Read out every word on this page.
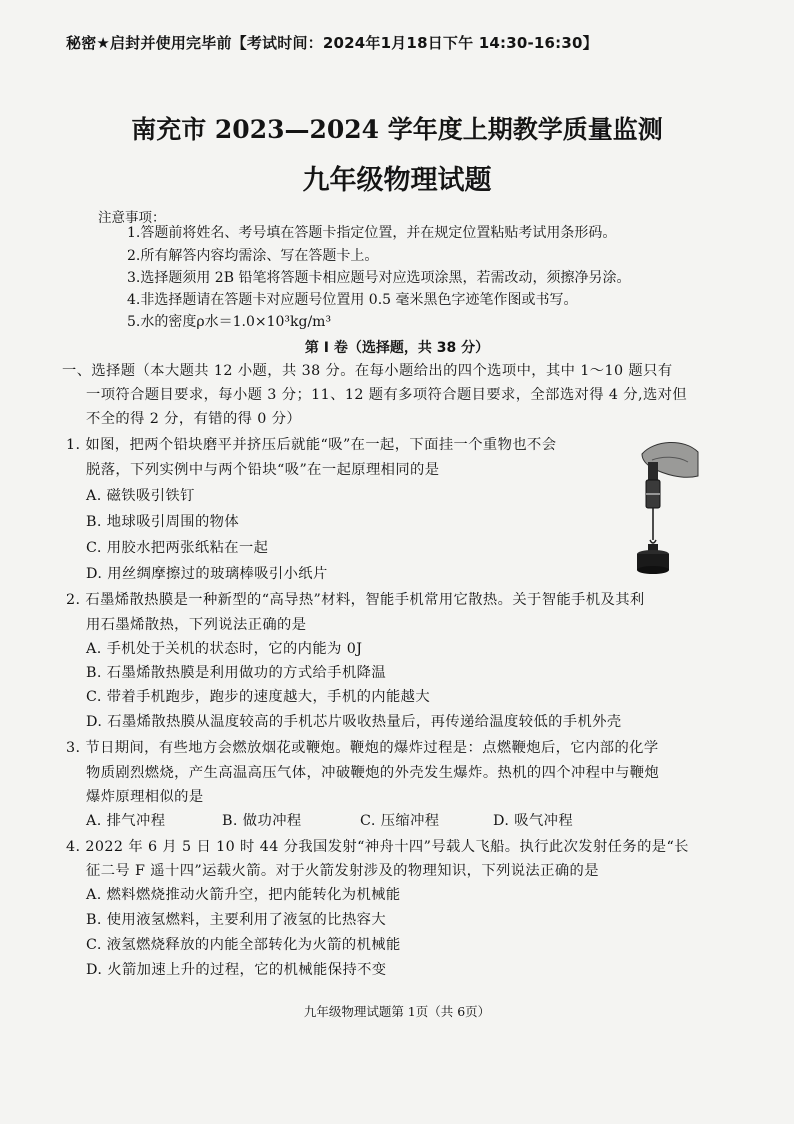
秘密★启封并使用完毕前【考试时间：2024年1月18日下午 14:30-16:30】
南充市 2023—2024 学年度上期教学质量监测
九年级物理试题
注意事项：
1.答题前将姓名、考号填在答题卡指定位置，并在规定位置粘贴考试用条形码。
2.所有解答内容均需涂、写在答题卡上。
3.选择题须用 2B 铅笔将答题卡相应题号对应选项涂黑，若需改动，须擦净另涂。
4.非选择题请在答题卡对应题号位置用 0.5 毫米黑色字迹笔作图或书写。
5.水的密度ρ水＝1.0×10³kg/m³
第 I 卷（选择题，共 38 分）
一、选择题（本大题共 12 小题，共 38 分。在每小题给出的四个选项中，其中 1～10 题只有
一项符合题目要求，每小题 3 分；11、12 题有多项符合题目要求，全部选对得 4 分,选对但
不全的得 2 分，有错的得 0 分）
1. 如图，把两个铅块磨平并挤压后就能“吸”在一起，下面挂一个重物也不会
脱落，下列实例中与两个铅块“吸”在一起原理相同的是
A. 磁铁吸引铁钉
B. 地球吸引周围的物体
C. 用胶水把两张纸粘在一起
D. 用丝绸摩擦过的玻璃棒吸引小纸片
2. 石墨烯散热膜是一种新型的“高导热”材料，智能手机常用它散热。关于智能手机及其利
用石墨烯散热，下列说法正确的是
A. 手机处于关机的状态时，它的内能为 0J
B. 石墨烯散热膜是利用做功的方式给手机降温
C. 带着手机跑步，跑步的速度越大，手机的内能越大
D. 石墨烯散热膜从温度较高的手机芯片吸收热量后，再传递给温度较低的手机外壳
3. 节日期间，有些地方会燃放烟花或鞭炮。鞭炮的爆炸过程是：点燃鞭炮后，它内部的化学
物质剧烈燃烧，产生高温高压气体，冲破鞭炮的外壳发生爆炸。热机的四个冲程中与鞭炮
爆炸原理相似的是
A. 排气冲程	B. 做功冲程	C. 压缩冲程	D. 吸气冲程
4. 2022 年 6 月 5 日 10 时 44 分我国发射“神舟十四”号载人飞船。执行此次发射任务的是“长
征二号 F 遥十四”运载火箭。对于火箭发射涉及的物理知识，下列说法正确的是
A. 燃料燃烧推动火箭升空，把内能转化为机械能
B. 使用液氢燃料，主要利用了液氢的比热容大
C. 液氢燃烧释放的内能全部转化为火箭的机械能
D. 火箭加速上升的过程，它的机械能保持不变
九年级物理试题第 1页（共 6页）
